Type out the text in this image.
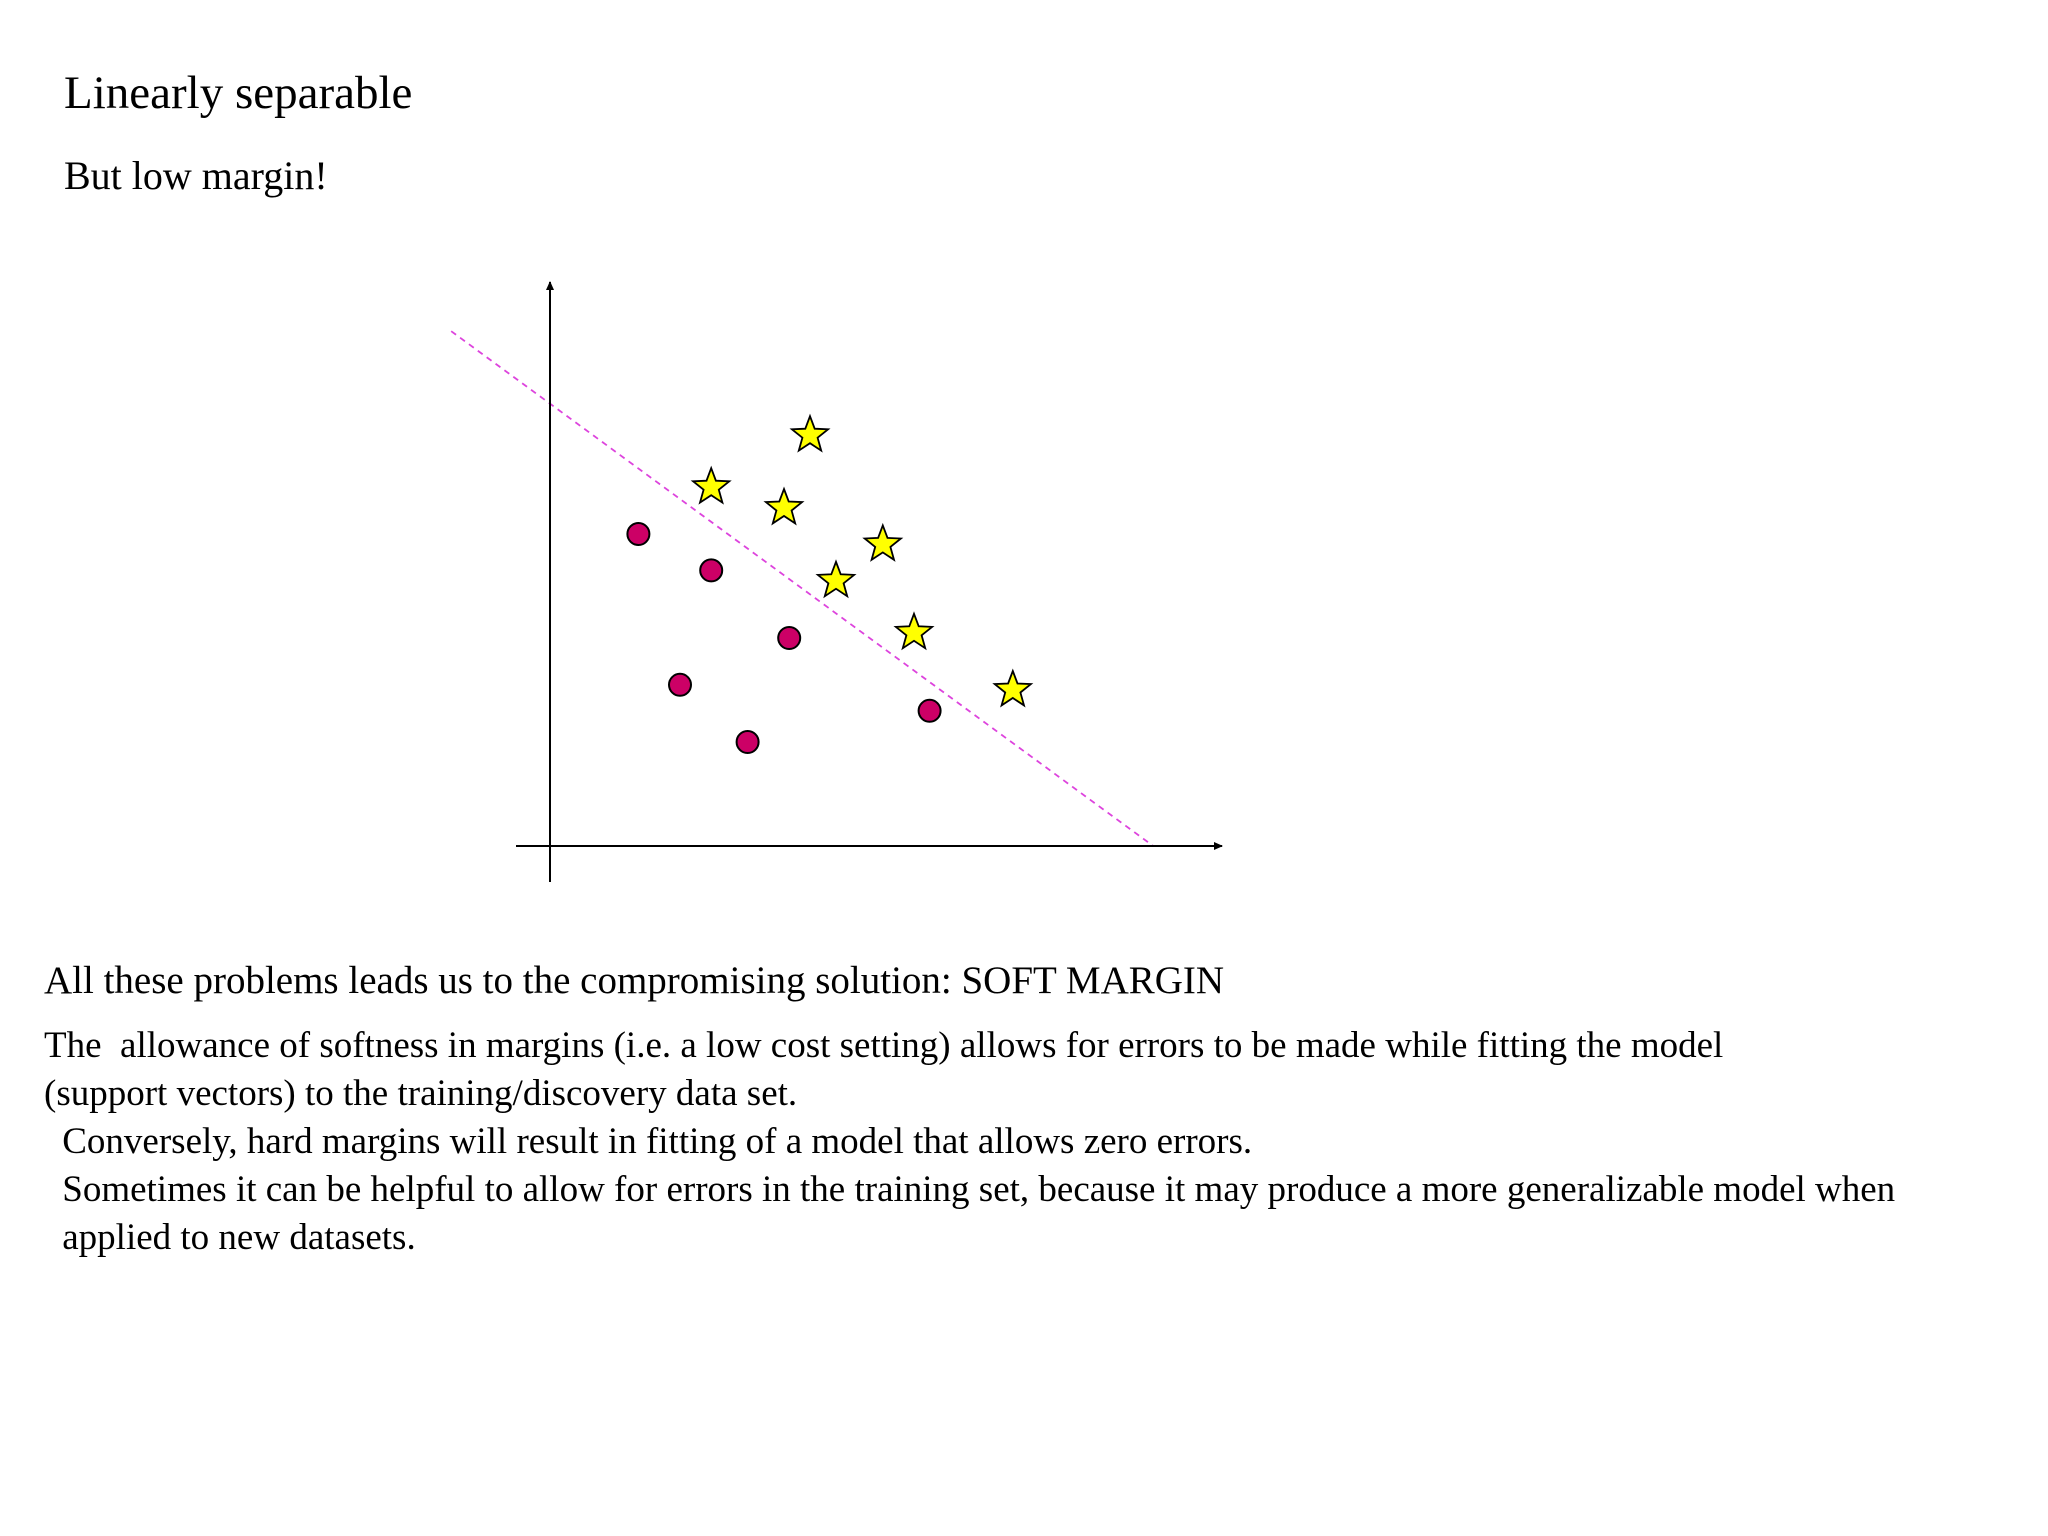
Linearly separable
But low margin!
All these problems leads us to the compromising solution: SOFT MARGIN
The  allowance of softness in margins (i.e. a low cost setting) allows for errors to be made while fitting the model
(support vectors) to the training/discovery data set.
Conversely, hard margins will result in fitting of a model that allows zero errors.
Sometimes it can be helpful to allow for errors in the training set, because it may produce a more generalizable model when
applied to new datasets.
